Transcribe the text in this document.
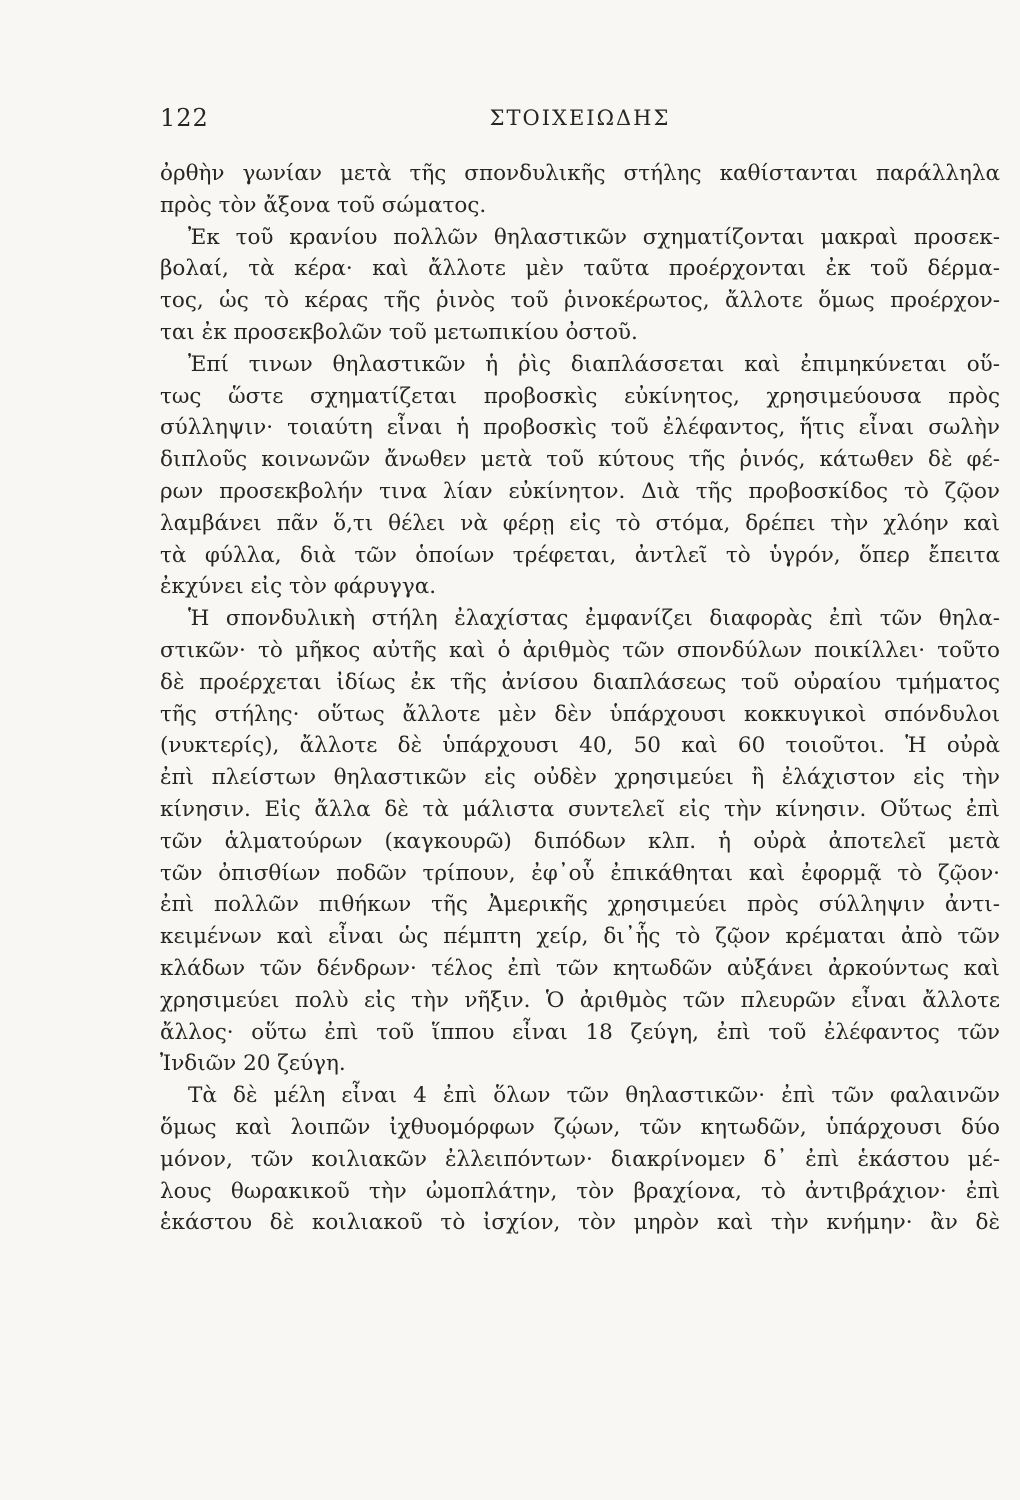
122	ΣΤΟΙΧΕΙΩΔΗΣ
ὀρθὴν γωνίαν μετὰ τῆς σπονδυλικῆς στήλης καθίστανται παράλληλα
πρὸς τὸν ἄξονα τοῦ σώματος.
Ἐκ τοῦ κρανίου πολλῶν θηλαστικῶν σχηματίζονται μακραὶ προσεκ-
βολαί, τὰ κέρα· καὶ ἄλλοτε μὲν ταῦτα προέρχονται ἐκ τοῦ δέρμα-
τος, ὡς τὸ κέρας τῆς ῥινὸς τοῦ ῥινοκέρωτος, ἄλλοτε ὅμως προέρχον-
ται ἐκ προσεκβολῶν τοῦ μετωπικίου ὀστοῦ.
Ἐπί τινων θηλαστικῶν ἡ ῥὶς διαπλάσσεται καὶ ἐπιμηκύνεται οὕ-
τως ὥστε σχηματίζεται προβοσκὶς εὐκίνητος, χρησιμεύουσα πρὸς
σύλληψιν· τοιαύτη εἶναι ἡ προβοσκὶς τοῦ ἐλέφαντος, ἥτις εἶναι σωλὴν
διπλοῦς κοινωνῶν ἄνωθεν μετὰ τοῦ κύτους τῆς ῥινός, κάτωθεν δὲ φέ-
ρων προσεκβολήν τινα λίαν εὐκίνητον. Διὰ τῆς προβοσκίδος τὸ ζῷον
λαμβάνει πᾶν ὅ,τι θέλει νὰ φέρῃ εἰς τὸ στόμα, δρέπει τὴν χλόην καὶ
τὰ φύλλα, διὰ τῶν ὁποίων τρέφεται, ἀντλεῖ τὸ ὑγρόν, ὅπερ ἔπειτα
ἐκχύνει εἰς τὸν φάρυγγα.
Ἡ σπονδυλικὴ στήλη ἐλαχίστας ἐμφανίζει διαφορὰς ἐπὶ τῶν θηλα-
στικῶν· τὸ μῆκος αὐτῆς καὶ ὁ ἀριθμὸς τῶν σπονδύλων ποικίλλει· τοῦτο
δὲ προέρχεται ἰδίως ἐκ τῆς ἀνίσου διαπλάσεως τοῦ οὐραίου τμήματος
τῆς στήλης· οὕτως ἄλλοτε μὲν δὲν ὑπάρχουσι κοκκυγικοὶ σπόνδυλοι
(νυκτερίς), ἄλλοτε δὲ ὑπάρχουσι 40, 50 καὶ 60 τοιοῦτοι. Ἡ οὐρὰ
ἐπὶ πλείστων θηλαστικῶν εἰς οὐδὲν χρησιμεύει ἢ ἐλάχιστον εἰς τὴν
κίνησιν. Εἰς ἄλλα δὲ τὰ μάλιστα συντελεῖ εἰς τὴν κίνησιν. Οὕτως ἐπὶ
τῶν ἁλματούρων (καγκουρῶ) διπόδων κλπ. ἡ οὐρὰ ἀποτελεῖ μετὰ
τῶν ὀπισθίων ποδῶν τρίπουν, ἐφ᾽οὗ ἐπικάθηται καὶ ἐφορμᾷ τὸ ζῷον·
ἐπὶ πολλῶν πιθήκων τῆς Ἀμερικῆς χρησιμεύει πρὸς σύλληψιν ἀντι-
κειμένων καὶ εἶναι ὡς πέμπτη χείρ, δι᾽ἧς τὸ ζῷον κρέμαται ἀπὸ τῶν
κλάδων τῶν δένδρων· τέλος ἐπὶ τῶν κητωδῶν αὐξάνει ἀρκούντως καὶ
χρησιμεύει πολὺ εἰς τὴν νῆξιν. Ὁ ἀριθμὸς τῶν πλευρῶν εἶναι ἄλλοτε
ἄλλος· οὕτω ἐπὶ τοῦ ἵππου εἶναι 18 ζεύγη, ἐπὶ τοῦ ἐλέφαντος τῶν
Ἰνδιῶν 20 ζεύγη.
Τὰ δὲ μέλη εἶναι 4 ἐπὶ ὅλων τῶν θηλαστικῶν· ἐπὶ τῶν φαλαινῶν
ὅμως καὶ λοιπῶν ἰχθυομόρφων ζῴων, τῶν κητωδῶν, ὑπάρχουσι δύο
μόνον, τῶν κοιλιακῶν ἐλλειπόντων· διακρίνομεν δ᾽ ἐπὶ ἑκάστου μέ-
λους θωρακικοῦ τὴν ὠμοπλάτην, τὸν βραχίονα, τὸ ἀντιβράχιον· ἐπὶ
ἑκάστου δὲ κοιλιακοῦ τὸ ἰσχίον, τὸν μηρὸν καὶ τὴν κνήμην· ἂν δὲ
